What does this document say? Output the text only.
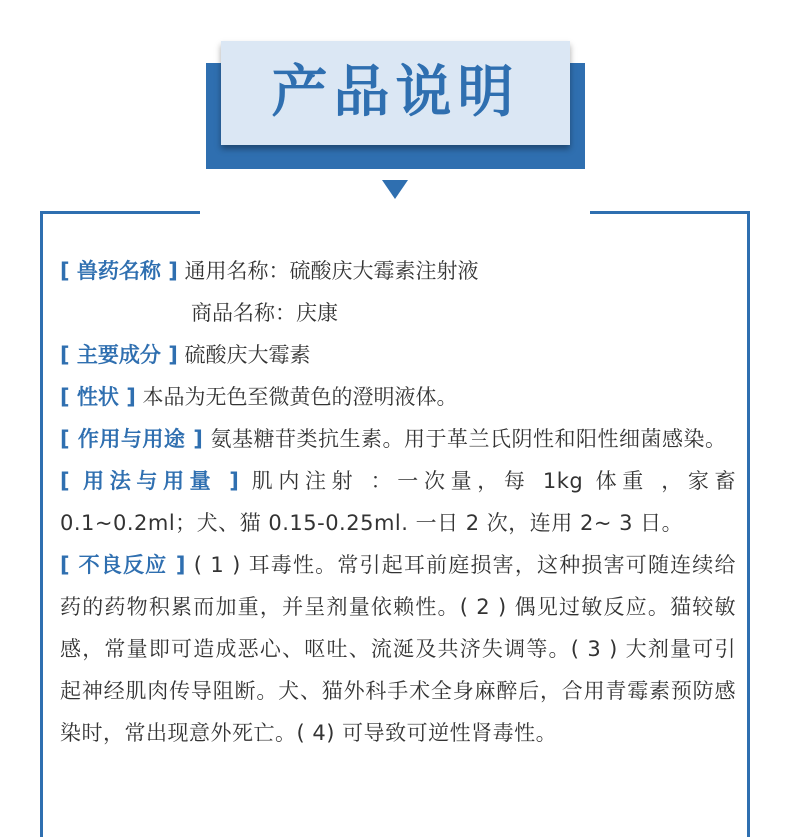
产品说明

[ 兽药名称 ] 通用名称：硫酸庆大霉素注射液

商品名称：庆康

[ 主要成分 ] 硫酸庆大霉素

[ 性状 ] 本品为无色至微黄色的澄明液体。

[ 作用与用途 ] 氨基糖苷类抗生素。用于革兰氏阴性和阳性细菌感染。

[ 用法与用量 ] 肌内注射 ：一次量，每 1kg 体重 ，家畜0.1~0.2ml；犬、猫 0.15-0.25ml. 一日 2 次，连用 2~ 3 日。

[ 不良反应 ] ( 1 ) 耳毒性。常引起耳前庭损害，这种损害可随连续给药的药物积累而加重，并呈剂量依赖性。( 2 ) 偶见过敏反应。猫较敏感，常量即可造成恶心、呕吐、流涎及共济失调等。( 3 ) 大剂量可引起神经肌肉传导阻断。犬、猫外科手术全身麻醉后，合用青霉素预防感染时，常出现意外死亡。( 4) 可导致可逆性肾毒性。
